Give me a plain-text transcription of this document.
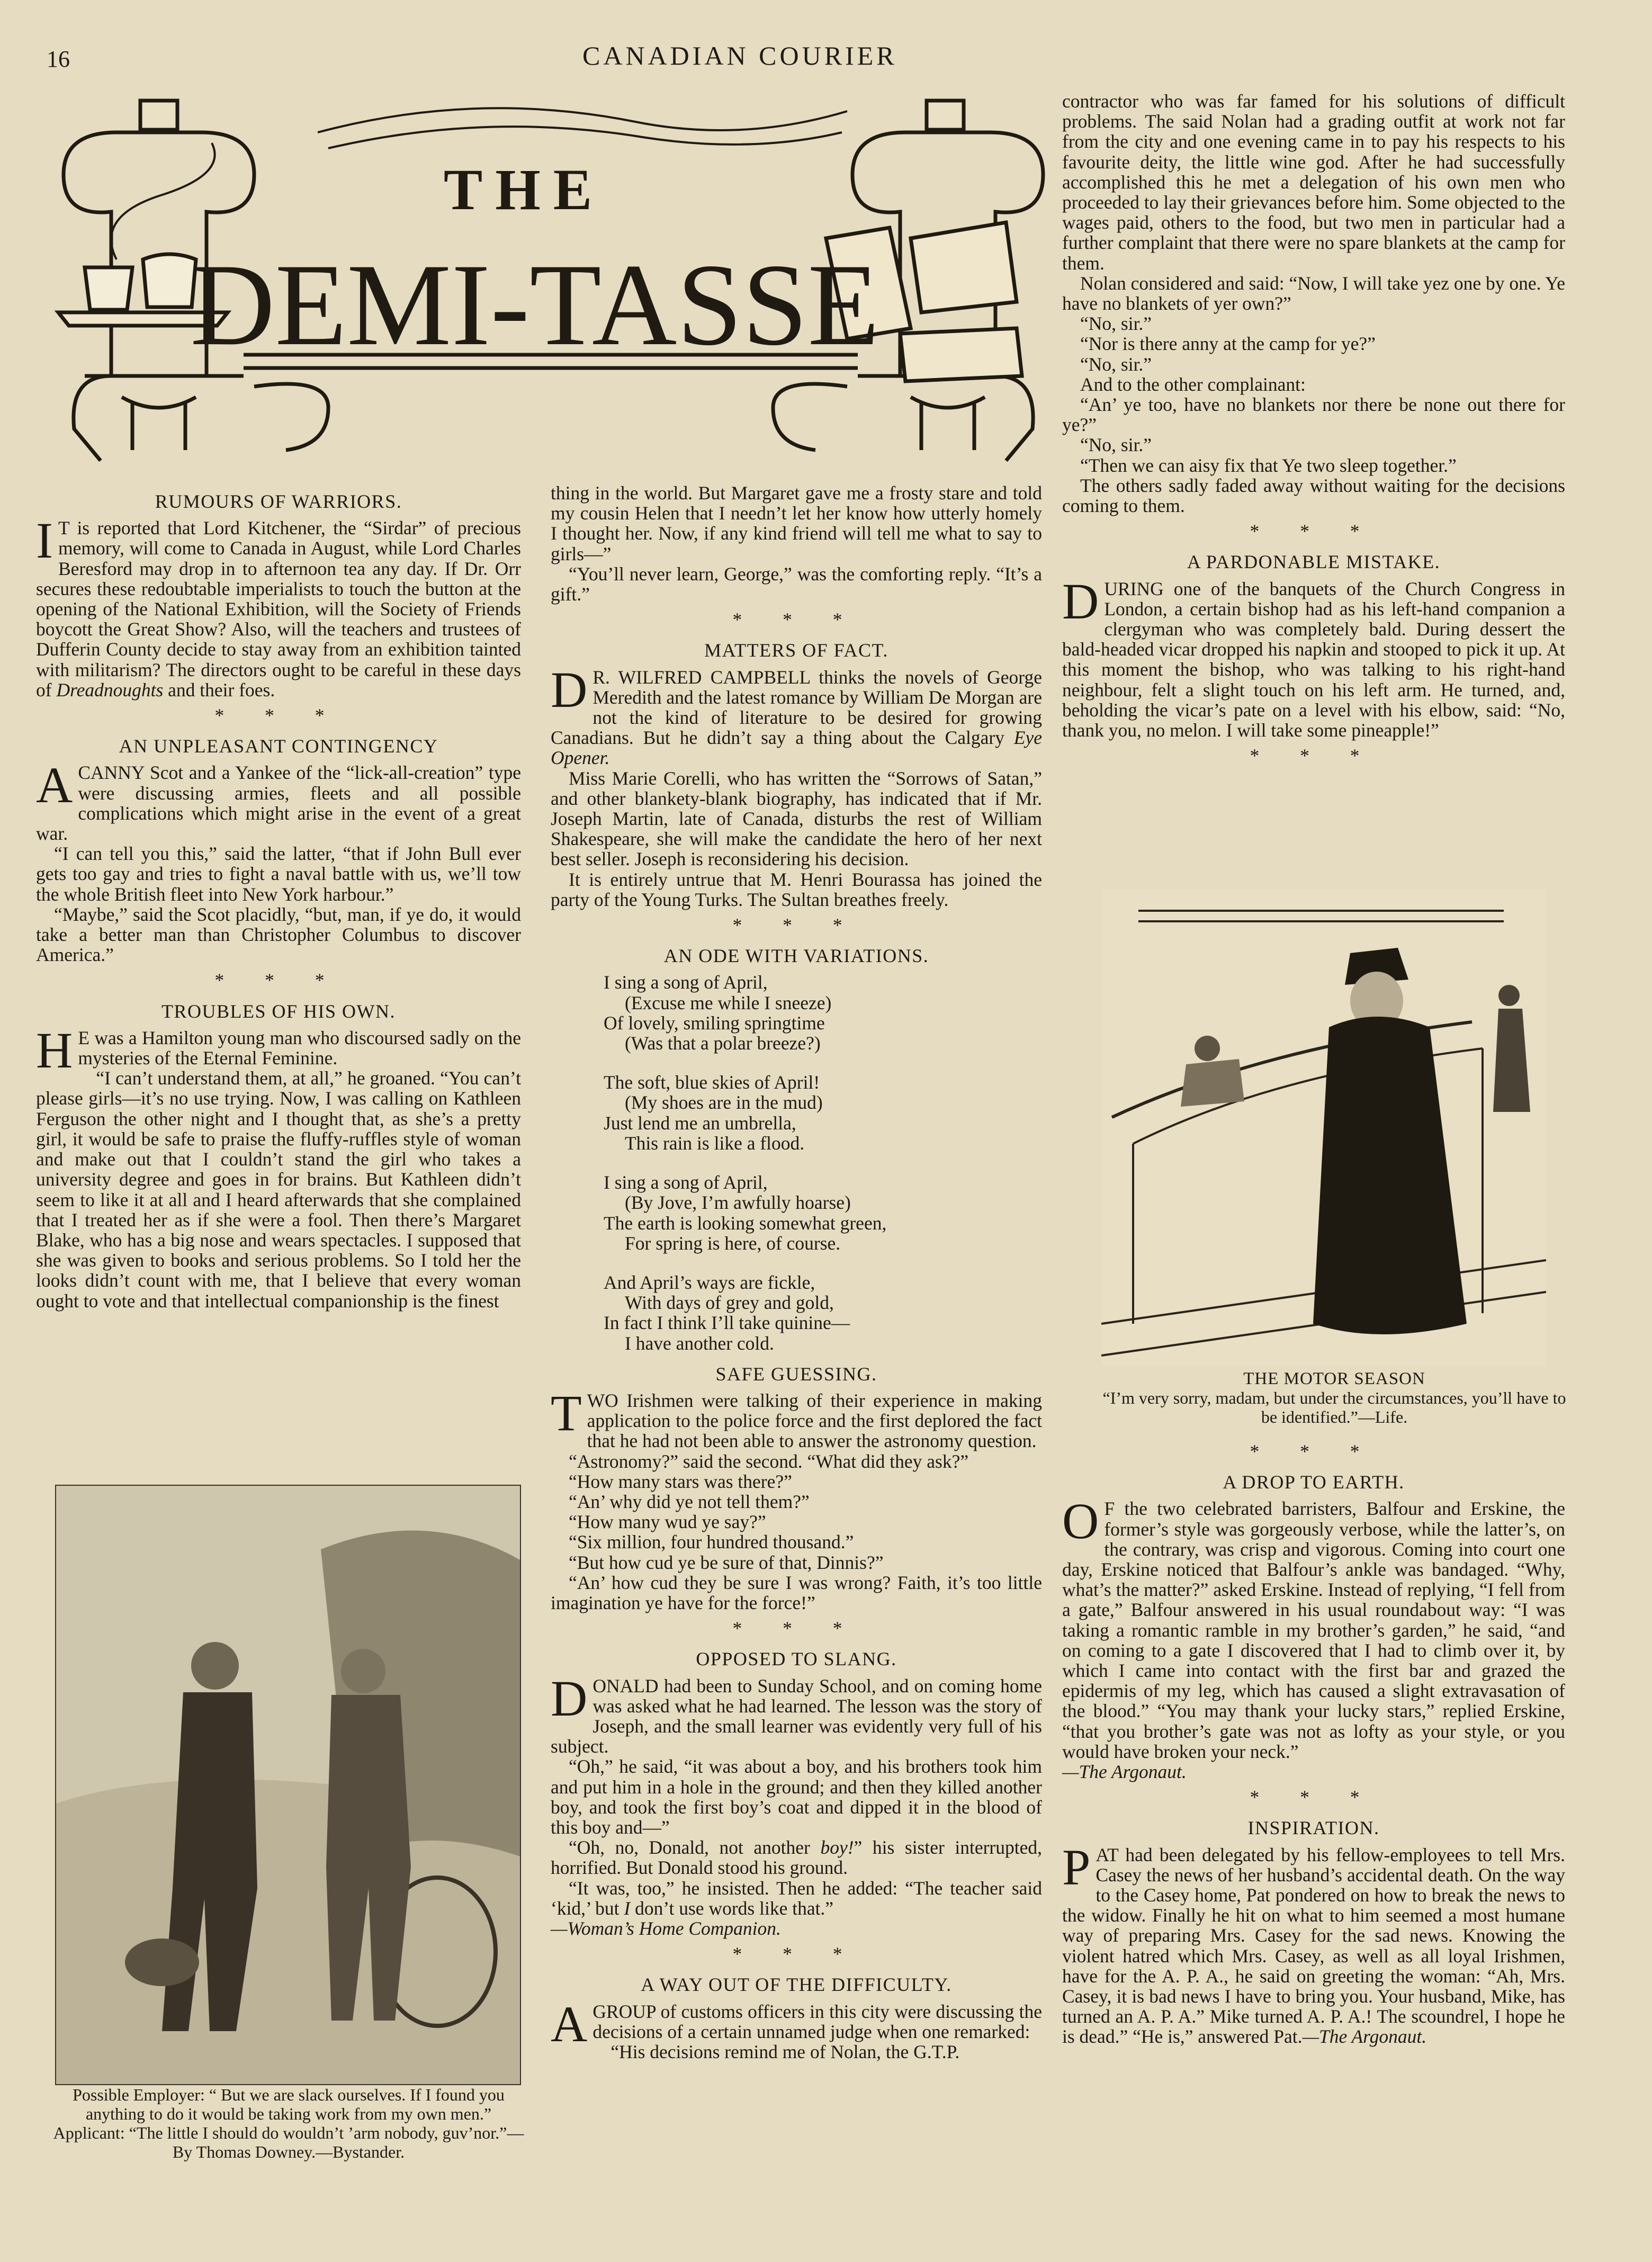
16	CANADIAN COURIER
THE
DEMI-TASSE
RUMOURS OF WARRIORS.

I T is reported that Lord Kitchener, the “Sirdar” of precious memory, will come to Canada in August, while Lord Charles Beresford may drop in to afternoon tea any day. If Dr. Orr secures these redoubtable imperialists to touch the button at the opening of the National Exhibition, will the Society of Friends boycott the Great Show? Also, will the teachers and trustees of Dufferin County decide to stay away from an exhibition tainted with militarism? The directors ought to be careful in these days of Dreadnoughts and their foes.

* * *
AN UNPLEASANT CONTINGENCY

ACANNY Scot and a Yankee of the “lick-all-creation” type were discussing armies, fleets and all possible complications which might arise in the event of a great war.

“I can tell you this,” said the latter, “that if John Bull ever gets too gay and tries to fight a naval battle with us, we’ll tow the whole British fleet into New York harbour.”

“Maybe,” said the Scot placidly, “but, man, if ye do, it would take a better man than Christopher Columbus to discover America.”

* * *
TROUBLES OF HIS OWN.

H E was a Hamilton young man who discoursed sadly on the mysteries of the Eternal Feminine.

“I can’t understand them, at all,” he groaned. “You can’t please girls—it’s no use trying. Now, I was calling on Kathleen Ferguson the other night and I thought that, as she’s a pretty girl, it would be safe to praise the fluffy-ruffles style of woman and make out that I couldn’t stand the girl who takes a university degree and goes in for brains. But Kathleen didn’t seem to like it at all and I heard afterwards that she complained that I treated her as if she were a fool. Then there’s Margaret Blake, who has a big nose and wears spectacles. I supposed that she was given to books and serious problems. So I told her the looks didn’t count with me, that I believe that every woman ought to vote and that intellectual companionship is the finest

Possible Employer: “ But we are slack ourselves. If I found you anything to do it would be taking work from my own men.” Applicant: “The little I should do wouldn’t ’arm nobody, guv’nor.”—By Thomas Downey.—Bystander.

thing in the world. But Margaret gave me a frosty stare and told my cousin Helen that I needn’t let her know how utterly homely I thought her. Now, if any kind friend will tell me what to say to girls—”

“You’ll never learn, George,” was the comforting reply. “It’s a gift.”

* * *
MATTERS OF FACT.

D R. WILFRED CAMPBELL thinks the novels of George Meredith and the latest romance by William De Morgan are not the kind of literature to be desired for growing Canadians. But he didn’t say a thing about the Calgary Eye Opener.

Miss Marie Corelli, who has written the “Sorrows of Satan,” and other blankety-blank biography, has indicated that if Mr. Joseph Martin, late of Canada, disturbs the rest of William Shakespeare, she will make the candidate the hero of her next best seller. Joseph is reconsidering his decision.

It is entirely untrue that M. Henri Bourassa has joined the party of the Young Turks. The Sultan breathes freely.

* * *
AN ODE WITH VARIATIONS.
I sing a song of April,
(Excuse me while I sneeze)
Of lovely, smiling springtime
(Was that a polar breeze?)
The soft, blue skies of April!
(My shoes are in the mud)
Just lend me an umbrella,
This rain is like a flood.
I sing a song of April,
(By Jove, I’m awfully hoarse)
The earth is looking somewhat green,
For spring is here, of course.
And April’s ways are fickle,
With days of grey and gold,
In fact I think I’ll take quinine—
I have another cold.
SAFE GUESSING.

TWO Irishmen were talking of their experience in making application to the police force and the first deplored the fact that he had not been able to answer the astronomy question.

“Astronomy?” said the second. “What did they ask?”

“How many stars was there?”

“An’ why did ye not tell them?”

“How many wud ye say?”

“Six million, four hundred thousand.”

“But how cud ye be sure of that, Dinnis?”

“An’ how cud they be sure I was wrong? Faith, it’s too little imagination ye have for the force!”

* * *
OPPOSED TO SLANG.

DONALD had been to Sunday School, and on coming home was asked what he had learned. The lesson was the story of Joseph, and the small learner was evidently very full of his subject.

“Oh,” he said, “it was about a boy, and his brothers took him and put him in a hole in the ground; and then they killed another boy, and took the first boy’s coat and dipped it in the blood of this boy and—”

“Oh, no, Donald, not another boy!” his sister interrupted, horrified. But Donald stood his ground.

“It was, too,” he insisted. Then he added: “The teacher said ‘kid,’ but I don’t use words like that.”

—Woman’s Home Companion.

* * *
A WAY OUT OF THE DIFFICULTY.

AGROUP of customs officers in this city were discussing the decisions of a certain unnamed judge when one remarked:

“His decisions remind me of Nolan, the G.T.P.

contractor who was far famed for his solutions of difficult problems. The said Nolan had a grading outfit at work not far from the city and one evening came in to pay his respects to his favourite deity, the little wine god. After he had successfully accomplished this he met a delegation of his own men who proceeded to lay their grievances before him. Some objected to the wages paid, others to the food, but two men in particular had a further complaint that there were no spare blankets at the camp for them.

Nolan considered and said: “Now, I will take yez one by one. Ye have no blankets of yer own?”

“No, sir.”

“Nor is there anny at the camp for ye?”

“No, sir.”

And to the other complainant:

“An’ ye too, have no blankets nor there be none out there for ye?”

“No, sir.”

“Then we can aisy fix that Ye two sleep together.”

The others sadly faded away without waiting for the decisions coming to them.

* * *
A PARDONABLE MISTAKE.

DURING one of the banquets of the Church Congress in London, a certain bishop had as his left-hand companion a clergyman who was completely bald. During dessert the bald-headed vicar dropped his napkin and stooped to pick it up. At this moment the bishop, who was talking to his right-hand neighbour, felt a slight touch on his left arm. He turned, and, beholding the vicar’s pate on a level with his elbow, said: “No, thank you, no melon. I will take some pineapple!”

* * *
THE MOTOR SEASON
“I’m very sorry, madam, but under the circumstances, you’ll have to be identified.”—Life.
* * *
A DROP TO EARTH.

O F the two celebrated barristers, Balfour and Erskine, the former’s style was gorgeously verbose, while the latter’s, on the contrary, was crisp and vigorous. Coming into court one day, Erskine noticed that Balfour’s ankle was bandaged. “Why, what’s the matter?” asked Erskine. Instead of replying, “I fell from a gate,” Balfour answered in his usual roundabout way: “I was taking a romantic ramble in my brother’s garden,” he said, “and on coming to a gate I discovered that I had to climb over it, by which I came into contact with the first bar and grazed the epidermis of my leg, which has caused a slight extravasation of the blood.” “You may thank your lucky stars,” replied Erskine, “that you brother’s gate was not as lofty as your style, or you would have broken your neck.”

—The Argonaut.

* * *
INSPIRATION.

PAT had been delegated by his fellow-employees to tell Mrs. Casey the news of her husband’s accidental death. On the way to the Casey home, Pat pondered on how to break the news to the widow. Finally he hit on what to him seemed a most humane way of preparing Mrs. Casey for the sad news. Knowing the violent hatred which Mrs. Casey, as well as all loyal Irishmen, have for the A. P. A., he said on greeting the woman: “Ah, Mrs. Casey, it is bad news I have to bring you. Your husband, Mike, has turned an A. P. A.” Mike turned A. P. A.! The scoundrel, I hope he is dead.” “He is,” answered Pat.—The Argonaut.
